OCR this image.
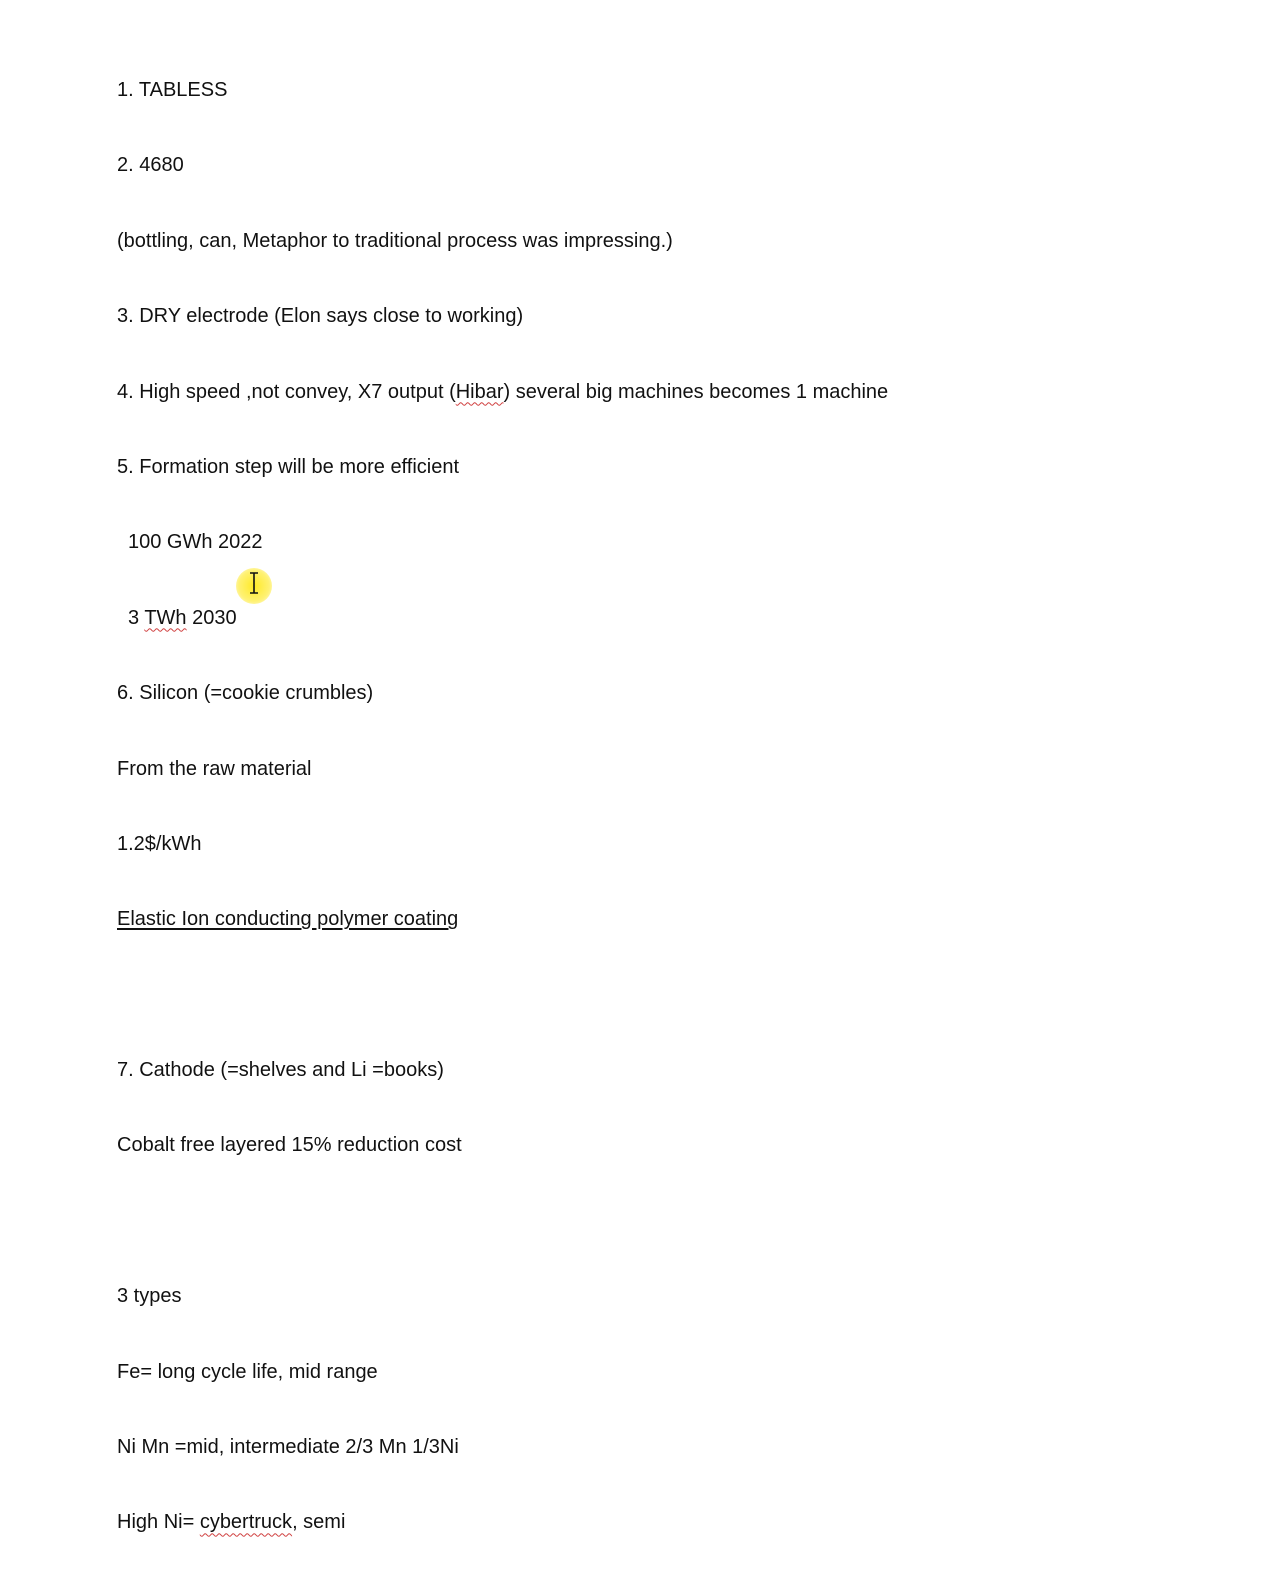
1. TABLESS

2. 4680

(bottling, can, Metaphor to traditional process was impressing.)

3. DRY electrode (Elon says close to working)

4. High speed ,not convey, X7 output (Hibar) several big machines becomes 1 machine

5. Formation step will be more efficient

100 GWh 2022

3 TWh 2030

6. Silicon (=cookie crumbles)

From the raw material

1.2$/kWh

Elastic Ion conducting polymer coating

7. Cathode (=shelves and Li =books)

Cobalt free layered 15% reduction cost

3 types

Fe= long cycle life, mid range

Ni Mn =mid, intermediate 2/3 Mn 1/3Ni

High Ni= cybertruck, semi
